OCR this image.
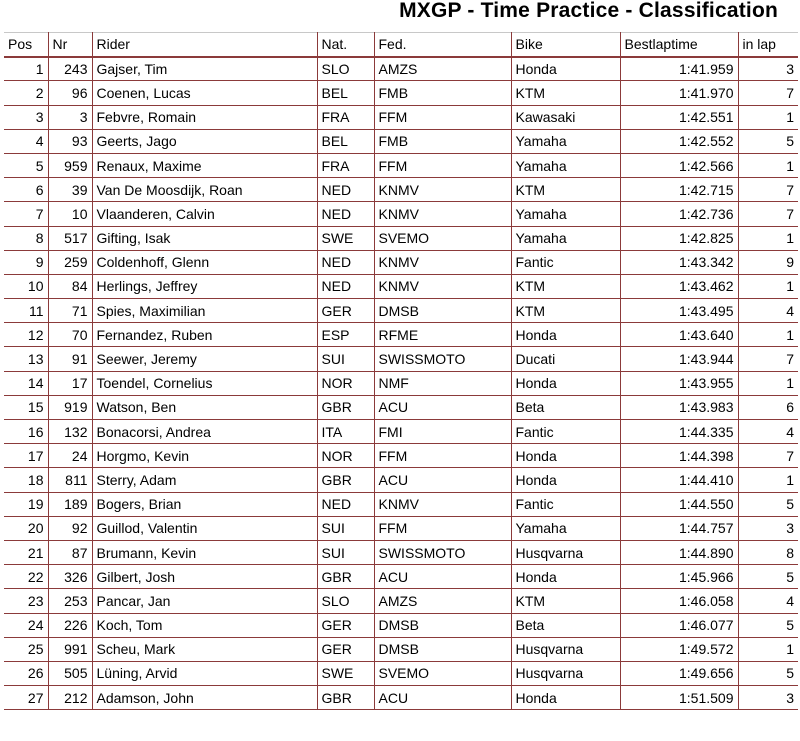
MXGP - Time Practice - Classification
Pos	Nr	Rider	Nat.	Fed.	Bike	Bestlaptime	in lap
1	243	Gajser, Tim	SLO	AMZS	Honda	1:41.959	3
2	96	Coenen, Lucas	BEL	FMB	KTM	1:41.970	7
3	3	Febvre, Romain	FRA	FFM	Kawasaki	1:42.551	1
4	93	Geerts, Jago	BEL	FMB	Yamaha	1:42.552	5
5	959	Renaux, Maxime	FRA	FFM	Yamaha	1:42.566	1
6	39	Van De Moosdijk, Roan	NED	KNMV	KTM	1:42.715	7
7	10	Vlaanderen, Calvin	NED	KNMV	Yamaha	1:42.736	7
8	517	Gifting, Isak	SWE	SVEMO	Yamaha	1:42.825	1
9	259	Coldenhoff, Glenn	NED	KNMV	Fantic	1:43.342	9
10	84	Herlings, Jeffrey	NED	KNMV	KTM	1:43.462	1
11	71	Spies, Maximilian	GER	DMSB	KTM	1:43.495	4
12	70	Fernandez, Ruben	ESP	RFME	Honda	1:43.640	1
13	91	Seewer, Jeremy	SUI	SWISSMOTO	Ducati	1:43.944	7
14	17	Toendel, Cornelius	NOR	NMF	Honda	1:43.955	1
15	919	Watson, Ben	GBR	ACU	Beta	1:43.983	6
16	132	Bonacorsi, Andrea	ITA	FMI	Fantic	1:44.335	4
17	24	Horgmo, Kevin	NOR	FFM	Honda	1:44.398	7
18	811	Sterry, Adam	GBR	ACU	Honda	1:44.410	1
19	189	Bogers, Brian	NED	KNMV	Fantic	1:44.550	5
20	92	Guillod, Valentin	SUI	FFM	Yamaha	1:44.757	3
21	87	Brumann, Kevin	SUI	SWISSMOTO	Husqvarna	1:44.890	8
22	326	Gilbert, Josh	GBR	ACU	Honda	1:45.966	5
23	253	Pancar, Jan	SLO	AMZS	KTM	1:46.058	4
24	226	Koch, Tom	GER	DMSB	Beta	1:46.077	5
25	991	Scheu, Mark	GER	DMSB	Husqvarna	1:49.572	1
26	505	Lüning, Arvid	SWE	SVEMO	Husqvarna	1:49.656	5
27	212	Adamson, John	GBR	ACU	Honda	1:51.509	3
